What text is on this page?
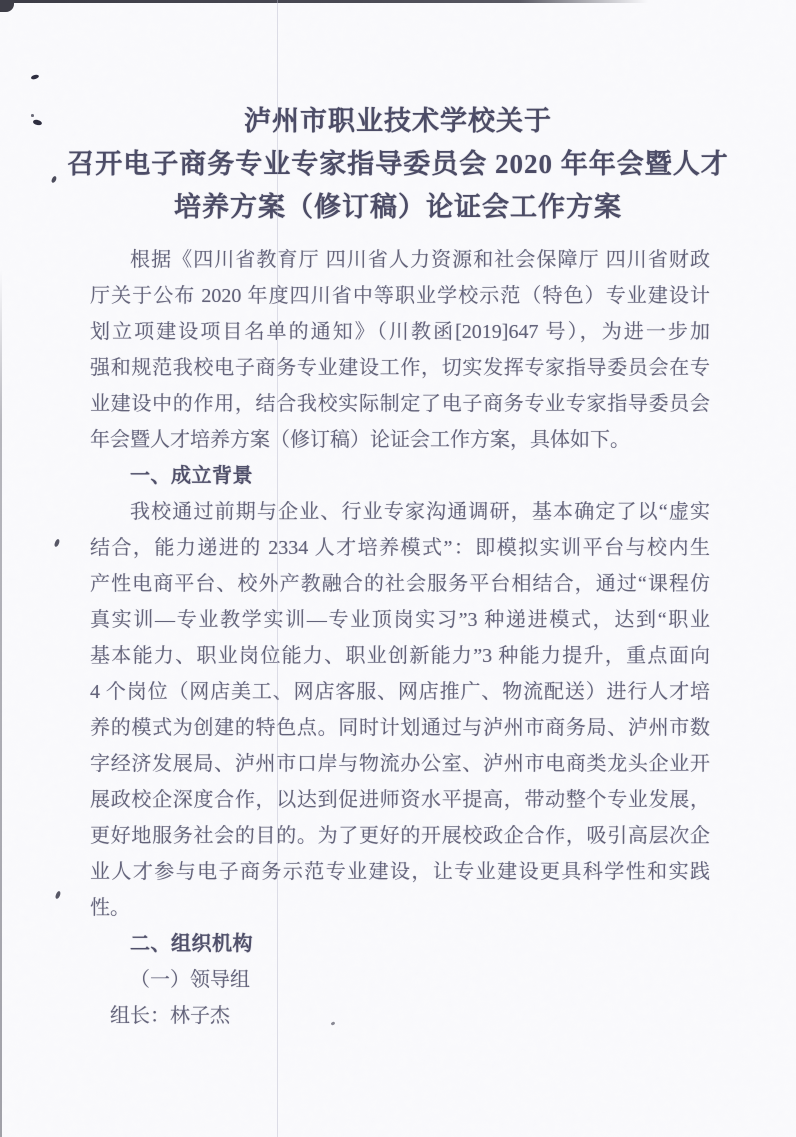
泸州市职业技术学校关于
召开电子商务专业专家指导委员会 2020 年年会暨人才
培养方案（修订稿）论证会工作方案
根据《四川省教育厅 四川省人力资源和社会保障厅 四川省财政
厅关于公布 2020 年度四川省中等职业学校示范（特色）专业建设计
划立项建设项目名单的通知》（川教函[2019]647 号），为进一步加
强和规范我校电子商务专业建设工作，切实发挥专家指导委员会在专
业建设中的作用，结合我校实际制定了电子商务专业专家指导委员会
年会暨人才培养方案（修订稿）论证会工作方案，具体如下。
一、成立背景
我校通过前期与企业、行业专家沟通调研，基本确定了以“虚实
结合，能力递进的 2334 人才培养模式”：即模拟实训平台与校内生
产性电商平台、校外产教融合的社会服务平台相结合，通过“课程仿
真实训—专业教学实训—专业顶岗实习”3 种递进模式，达到“职业
基本能力、职业岗位能力、职业创新能力”3 种能力提升，重点面向
4 个岗位（网店美工、网店客服、网店推广、物流配送）进行人才培
养的模式为创建的特色点。同时计划通过与泸州市商务局、泸州市数
字经济发展局、泸州市口岸与物流办公室、泸州市电商类龙头企业开
展政校企深度合作，以达到促进师资水平提高，带动整个专业发展，
更好地服务社会的目的。为了更好的开展校政企合作，吸引高层次企
业人才参与电子商务示范专业建设，让专业建设更具科学性和实践
性。
二、组织机构
（一）领导组
组长：林子杰
